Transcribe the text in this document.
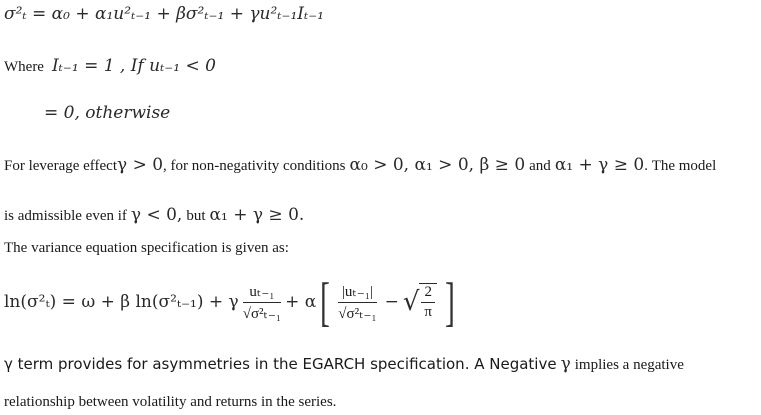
σ²ₜ = α₀ + α₁u²ₜ₋₁ + βσ²ₜ₋₁ + γu²ₜ₋₁Iₜ₋₁
Where Iₜ₋₁ = 1 , If uₜ₋₁ < 0
= 0, otherwise
For leverage effectγ > 0, for non-negativity conditions α₀ > 0, α₁ > 0, β ≥ 0 and α₁ + γ ≥ 0. The model
is admissible even if γ < 0, but α₁ + γ ≥ 0.
The variance equation specification is given as:
ln(σ²ₜ) = ω + β ln(σ²ₜ₋₁) + γ $\frac{\text{uₜ₋₁}}{\text{√σ²ₜ₋₁}} + \alpha$ [ $\frac{\text{|uₜ₋₁|}}{\text{√σ²ₜ₋₁}}$ − √ $\frac{2}{\pi}$ ]
γ term provides for asymmetries in the EGARCH specification. A Negative γ implies a negative
relationship between volatility and returns in the series.
